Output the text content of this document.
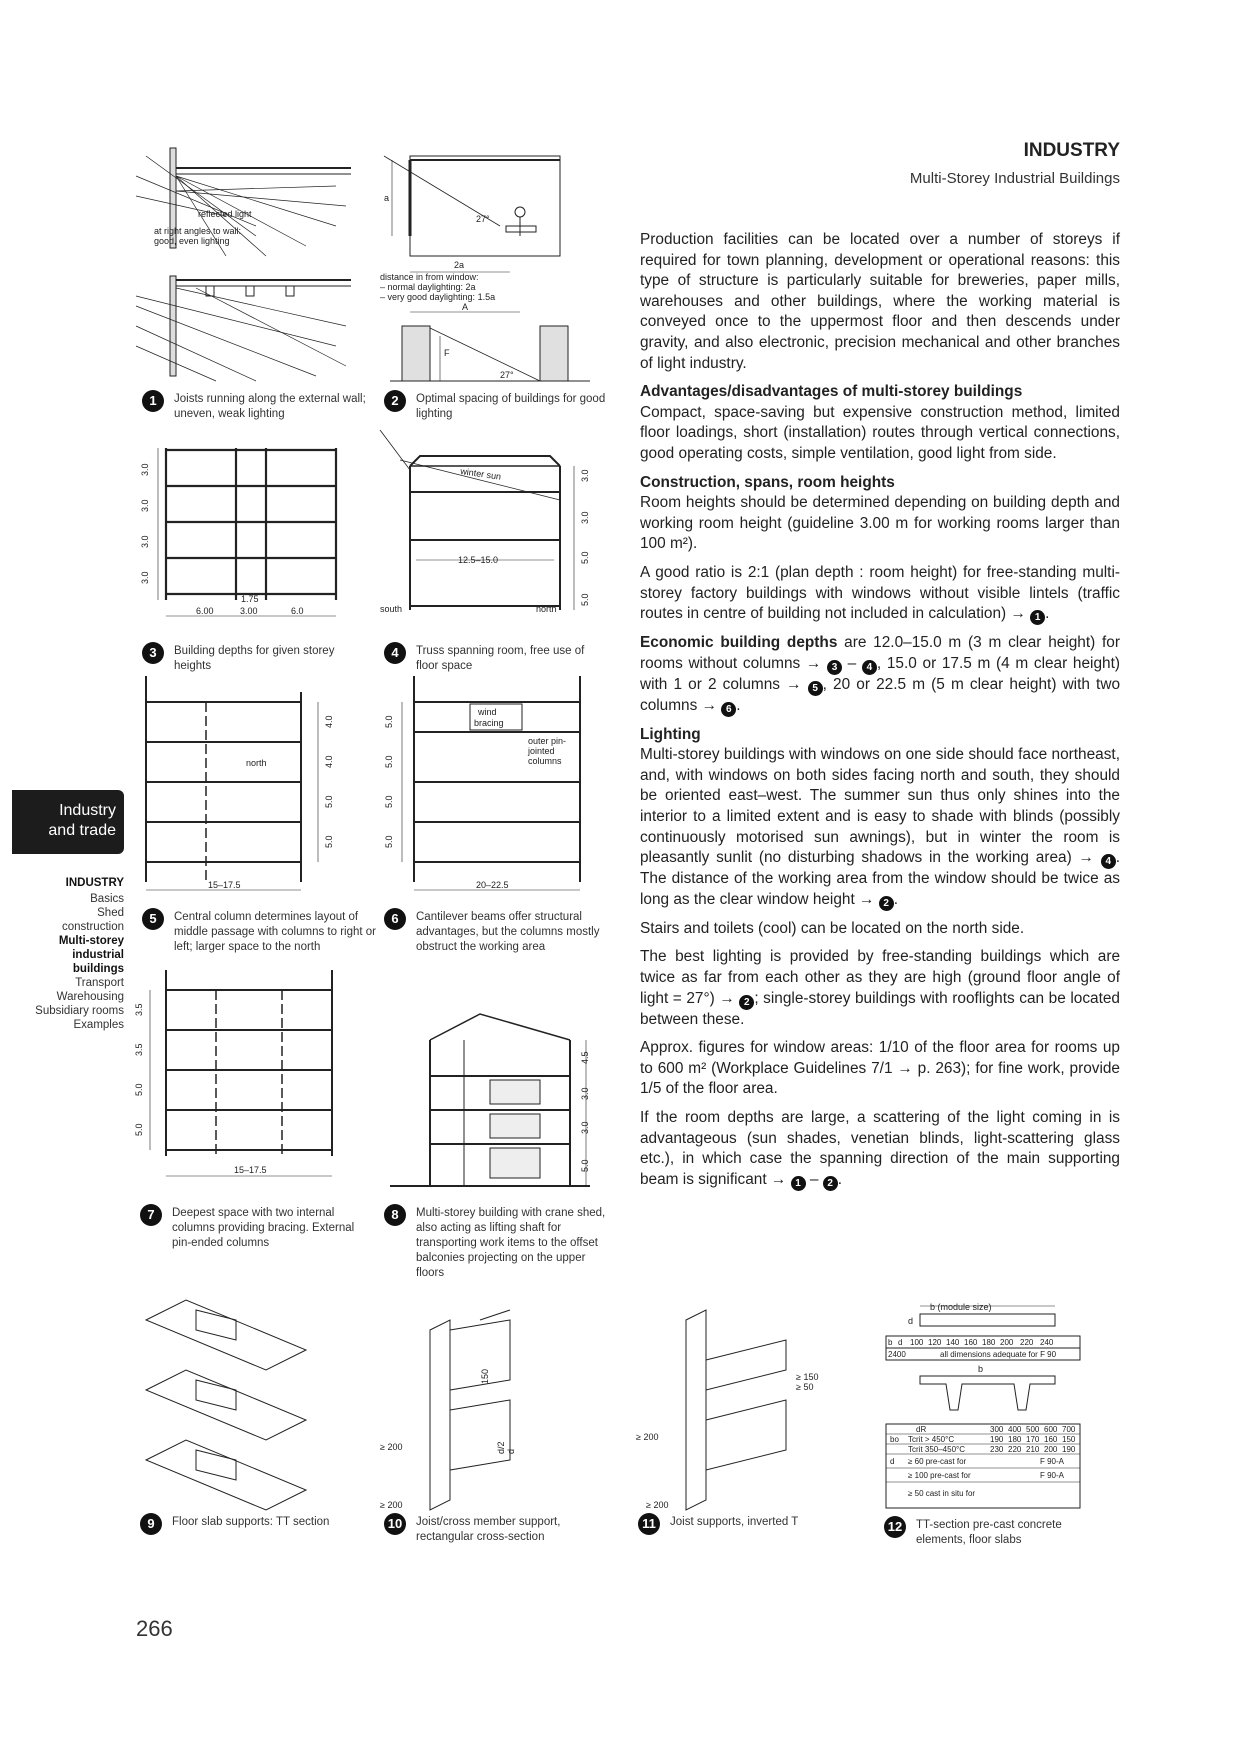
INDUSTRY
Multi-Storey Industrial Buildings
Industry
and trade
INDUSTRY
Basics
Shed
construction
Multi-storey
industrial
buildings
Transport
Warehousing
Subsidiary rooms
Examples

Production facilities can be located over a number of storeys if required for town planning, development or operational reasons: this type of structure is particularly suitable for breweries, paper mills, warehouses and other buildings, where the working material is conveyed once to the uppermost floor and then descends under gravity, and also electronic, precision mechanical and other branches of light industry.

Advantages/disadvantages of multi-storey buildings

Compact, space-saving but expensive construction method, limited floor loadings, short (installation) routes through vertical connections, good operating costs, simple ventilation, good light from side.

Construction, spans, room heights

Room heights should be determined depending on building depth and working room height (guideline 3.00 m for working rooms larger than 100 m²).

A good ratio is 2:1 (plan depth : room height) for free-standing multi-storey factory buildings with windows without visible lintels (traffic routes in centre of building not included in calculation) → 1 .

Economic building depths are 12.0–15.0 m (3 m clear height) for rooms without columns → 3 – 4 , 15.0 or 17.5 m (4 m clear height) with 1 or 2 columns → 5 , 20 or 22.5 m (5 m clear height) with two columns → 6 .

Lighting

Multi-storey buildings with windows on one side should face northeast, and, with windows on both sides facing north and south, they should be oriented east–west. The summer sun thus only shines into the interior to a limited extent and is easy to shade with blinds (possibly continuously motorised sun awnings), but in winter the room is pleasantly sunlit (no disturbing shadows in the working area) → 4 . The distance of the working area from the window should be twice as long as the clear window height → 2 .

Stairs and toilets (cool) can be located on the north side.

The best lighting is provided by free-standing buildings which are twice as far from each other as they are high (ground floor angle of light = 27°) → 2 ; single-storey buildings with rooflights can be located between these.

Approx. figures for window areas: 1/10 of the floor area for rooms up to 600 m² (Workplace Guidelines 7/1 → p. 263); for fine work, provide 1/5 of the floor area.

If the room depths are large, a scattering of the light coming in is advantageous (sun shades, venetian blinds, light-scattering glass etc.), in which case the spanning direction of the main supporting beam is significant → 1 – 2 .

reflected light
at right angles to wall:
good, even lighting
1	Joists running along the external wall; uneven, weak lighting
27°
a
2a
distance in from window:
– normal daylighting: 2a
– very good daylighting: 1.5a
A
F
27°
2	Optimal spacing of buildings for good lighting
3.0
3.0
3.0
3.0
1.75
6.00	3.00	6.0
3	Building depths for given storey heights
winter sun
12.5–15.0
south	north
3.0
3.0
5.0
5.0
4	Truss spanning room, free use of floor space
north
4.0
4.0
5.0
5.0
15–17.5
5	Central column determines layout of middle passage with columns to right or left; larger space to the north
wind
bracing
outer pin-
jointed
columns
5.0
5.0
5.0
5.0
20–22.5
6	Cantilever beams offer structural advantages, but the columns mostly obstruct the working area
3.5
3.5
5.0
5.0
15–17.5
7	Deepest space with two internal columns providing bracing. External pin-ended columns
4.5
3.0
3.0
5.0
8	Multi-storey building with crane shed, also acting as lifting shaft for transporting work items to the offset balconies projecting on the upper floors
9	Floor slab supports: TT section
150
d/2 d
≥ 200
≥ 200
10	Joist/cross member support, rectangular cross-section
≥ 150
≥ 50
≥ 200
≥ 200
11	Joist supports, inverted T
b (module size)
d
b d 100 120 140 160 180 200 220 240
2400	all dimensions adequate for F 90
b
dR	300 400 500 600 700
bo Tcrit > 450°C	190 180 170 160 150
Tcrit 350–450°C	230 220 210 200 190
d ≥ 60 pre-cast for	F 90-A
≥ 100 pre-cast for	F 90-A
≥ 50 cast in situ for
12	TT-section pre-cast concrete elements, floor slabs
266
